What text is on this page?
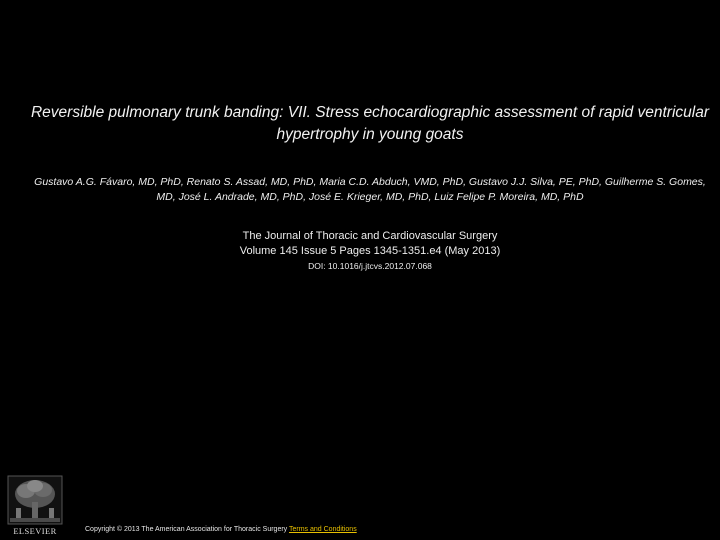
Reversible pulmonary trunk banding: VII. Stress echocardiographic assessment of rapid ventricular hypertrophy in young goats
Gustavo A.G. Fávaro, MD, PhD, Renato S. Assad, MD, PhD, Maria C.D. Abduch, VMD, PhD, Gustavo J.J. Silva, PE, PhD, Guilherme S. Gomes, MD, José L. Andrade, MD, PhD, José E. Krieger, MD, PhD, Luiz Felipe P. Moreira, MD, PhD
The Journal of Thoracic and Cardiovascular Surgery
Volume 145 Issue 5 Pages 1345-1351.e4 (May 2013)
DOI: 10.1016/j.jtcvs.2012.07.068
ELSEVIER	Copyright © 2013 The American Association for Thoracic Surgery Terms and Conditions
